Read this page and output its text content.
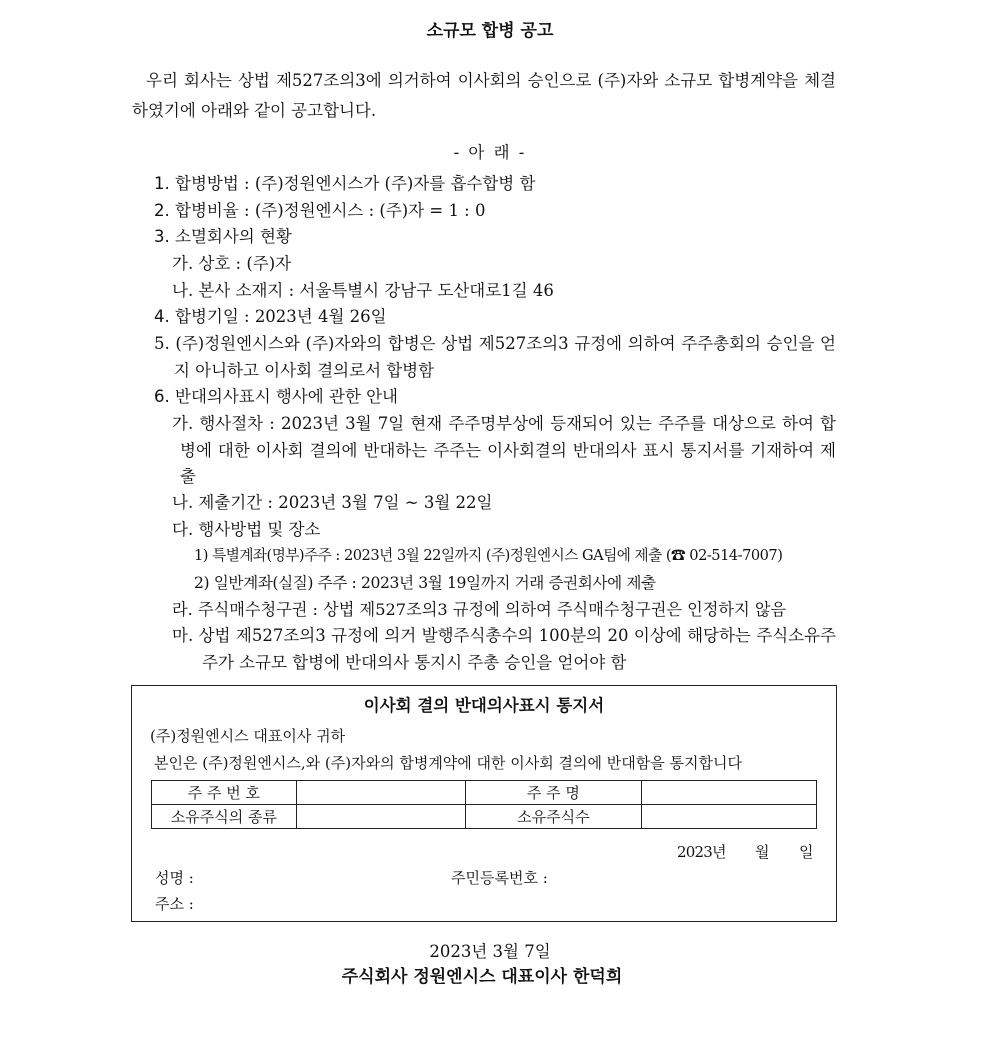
소규모 합병 공고
우리 회사는 상법 제527조의3에 의거하여 이사회의 승인으로 (주)자와 소규모 합병계약을 체결하였기에 아래와 같이 공고합니다.
- 아 래 -
1. 합병방법 : (주)정원엔시스가 (주)자를 흡수합병 함
2. 합병비율 : (주)정원엔시스 : (주)자 = 1 : 0
3. 소멸회사의 현황
가. 상호 : (주)자
나. 본사 소재지 : 서울특별시 강남구 도산대로1길 46
4. 합병기일 : 2023년 4월 26일
5. (주)정원엔시스와 (주)자와의 합병은 상법 제527조의3 규정에 의하여 주주총회의 승인을 얻지 아니하고 이사회 결의로서 합병함
6. 반대의사표시 행사에 관한 안내
가. 행사절차 : 2023년 3월 7일 현재 주주명부상에 등재되어 있는 주주를 대상으로 하여 합병에 대한 이사회 결의에 반대하는 주주는 이사회결의 반대의사 표시 통지서를 기재하여 제출
나. 제출기간 : 2023년 3월 7일 ~ 3월 22일
다. 행사방법 및 장소
1) 특별계좌(명부)주주 : 2023년 3월 22일까지 (주)정원엔시스 GA팀에 제출 (☎ 02-514-7007)
2) 일반계좌(실질) 주주 : 2023년 3월 19일까지 거래 증권회사에 제출
라. 주식매수청구권 : 상법 제527조의3 규정에 의하여 주식매수청구권은 인정하지 않음
마. 상법 제527조의3 규정에 의거 발행주식총수의 100분의 20 이상에 해당하는 주식소유주주가 소규모 합병에 반대의사 통지시 주총 승인을 얻어야 함
이사회 결의 반대의사표시 통지서
(주)정원엔시스 대표이사 귀하
본인은 (주)정원엔시스,와 (주)자와의 합병계약에 대한 이사회 결의에 반대함을 통지합니다
주 주 번 호		주 주 명	
소유주식의 종류		소유주식수	
2023년 월 일
성명 :	주민등록번호 :
주소 :
2023년 3월 7일
주식회사 정원엔시스 대표이사 한덕희
